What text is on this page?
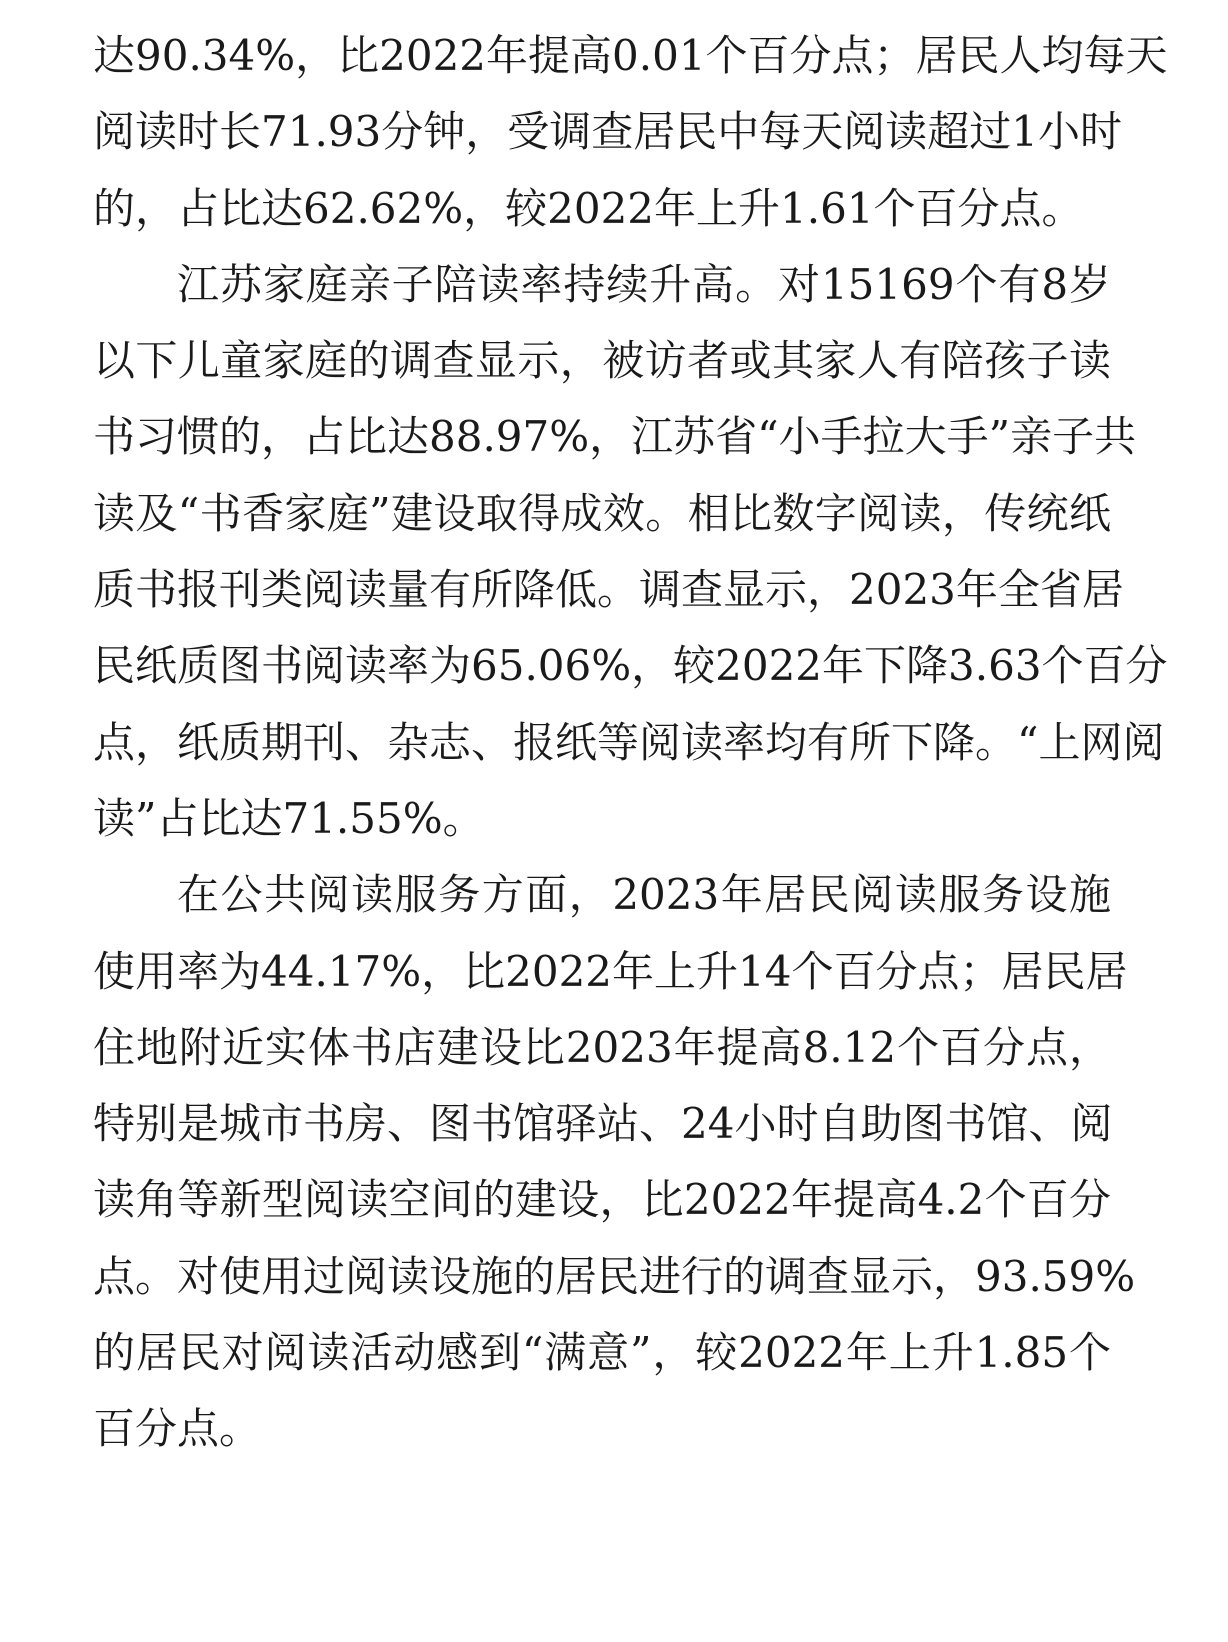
达90.34%，比2022年提高0.01个百分点；居民人均每天
阅读时长71.93分钟，受调查居民中每天阅读超过1小时
的，占比达62.62%，较2022年上升1.61个百分点。
江苏家庭亲子陪读率持续升高。对15169个有8岁
以下儿童家庭的调查显示，被访者或其家人有陪孩子读
书习惯的，占比达88.97%，江苏省“小手拉大手”亲子共
读及“书香家庭”建设取得成效。相比数字阅读，传统纸
质书报刊类阅读量有所降低。调查显示，2023年全省居
民纸质图书阅读率为65.06%，较2022年下降3.63个百分
点，纸质期刊、杂志、报纸等阅读率均有所下降。“上网阅
读”占比达71.55%。
在公共阅读服务方面，2023年居民阅读服务设施
使用率为44.17%，比2022年上升14个百分点；居民居
住地附近实体书店建设比2023年提高8.12个百分点，
特别是城市书房、图书馆驿站、24小时自助图书馆、阅
读角等新型阅读空间的建设，比2022年提高4.2个百分
点。对使用过阅读设施的居民进行的调查显示，93.59%
的居民对阅读活动感到“满意”，较2022年上升1.85个
百分点。
